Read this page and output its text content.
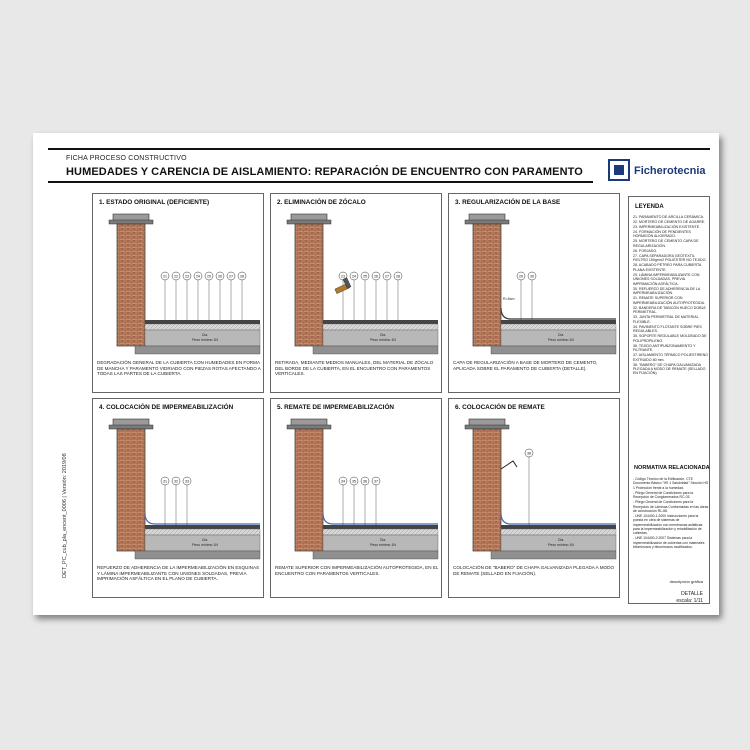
FICHA PROCESO CONSTRUCTIVO
HUMEDADES Y CARENCIA DE AISLAMIENTO: REPARACIÓN DE ENCUENTRO CON PARAMENTO	Ficherotecnia
DET_PC_cub_pla_encent_0006 | Versión: 2019/08
1. ESTADO ORIGINAL (DEFICIENTE)
Cta.
Peso mínimo 1N
21 22 23 24 25 26 27 28
DEGRADACIÓN GENERAL DE LA CUBIERTA CON HUMEDADES EN FORMA DE MANCHA Y PARAMENTO VIDRIADO CON PIEZAS ROTAS AFECTANDO A TODAS LAS PARTES DE LA CUBIERTA.
2. ELIMINACIÓN DE ZÓCALO
Cta.
Peso mínimo 1N
23 24 25 26 27 28
RETIRADA, MEDIANTE MEDIOS MANUALES, DEL MATERIAL DE ZÓCALO DEL BORDE DE LA CUBIERTA, EN EL ENCUENTRO CON PARAMENTOS VERTICALES.
3. REGULARIZACIÓN DE LA BASE
Cta.
Peso mínimo 1N
29 30
R=5cm
CAPA DE REGULARIZACIÓN A BASE DE MORTERO DE CEMENTO, APLICADA SOBRE EL PARAMENTO DE CUBIERTA (DETALLE).
4. COLOCACIÓN DE IMPERMEABILIZACIÓN
Cta.
Peso mínimo 1N
31 32 33
REFUERZO DE ADHERENCIA DE LA IMPERMEABILIZACIÓN EN ESQUINAS Y LÁMINA IMPERMEABILIZANTE CON UNIONES SOLDADAS, PREVIA IMPRIMACIÓN ASFÁLTICA EN EL PLANO DE CUBIERTA.
5. REMATE DE IMPERMEABILIZACIÓN
Cta.
Peso mínimo 1N
34 35 36 37
REMATE SUPERIOR CON IMPERMEABILIZACIÓN AUTOPROTEGIDA, EN EL ENCUENTRO CON PARAMENTOS VERTICALES.
6. COLOCACIÓN DE REMATE
Cta.
Peso mínimo 1N
38
COLOCACIÓN DE "BABERO" DE CHAPA GALVANIZADA PLEGADA A MODO DE REMATE (SELLADO EN FIJACIÓN).
LEYENDA
21. PARAMENTO DE ARCILLA CERÁMICA.
22. MORTERO DE CEMENTO DE AGARRE.
23. IMPERMEABILIZACIÓN EXISTENTE.
24. FORMACIÓN DE PENDIENTES HORMIGÓN ALIGERADO.
25. MORTERO DE CEMENTO CAPA DE REGULARIZACIÓN.
26. FORJADO.
27. CAPA SEPARADORA GEOTEXTIL FIELTRO 150gr/m2 POLIÉSTER NO TEJIDO.
28. ACABADO PÉTREO PARA CUBIERTA PLANA EXISTENTE.
29. LÁMINA IMPERMEABILIZANTE CON UNIONES SOLDADAS, PREVIA IMPRIMACIÓN ASFÁLTICA.
30. REFUERZO DE ADHERENCIA DE LA IMPERMEABILIZACIÓN.
31. REMATE SUPERIOR CON IMPERMEABILIZACIÓN AUTOPROTEGIDA.
32. BANDERA DE TABICÓN HUECO DOBLE PERIMETRAL.
33. JUNTA PERIMETRAL DE MATERIAL FLEXIBLE.
34. PAVIMENTO FLOTANTE SOBRE PIES REGULABLES.
35. SOPORTE REGULABLE MOLDEADO DE POLIPROPILENO.
36. TEJIDO ANTIPUNZONAMIENTO Y FILTRANTE.
37. AISLAMIENTO TÉRMICO POLIESTIRENO EXTRUIDO 80 mm.
38. "BABERO" DE CHAPA GALVANIZADA PLEGADA A MODO DE REMATE (SELLADO EN FIJACIÓN).
NORMATIVA RELACIONADA
- Código Técnico de la Edificación. CTE Documento Básico "HS 1 Salubridad" Sección HS 1 Protección frente a la humedad.
- Pliego General de Condiciones para la Recepción de Conglomerados RC-03.
- Pliego General de Condiciones para la Recepción de Láminas Conformadas en las obras de construcción RL-88.
- UNE 104400-1:2000 Instrucciones para la puesta en obra de sistemas de impermeabilización con membranas asfálticas para la impermeabilización y rehabilitación de cubiertas.
- UNE 104400-2:2007 Sistemas para la impermeabilización de cubiertas con materiales bituminosos y bituminosos modificados.
descripción gráfica
DETALLE
escala: 1/11
